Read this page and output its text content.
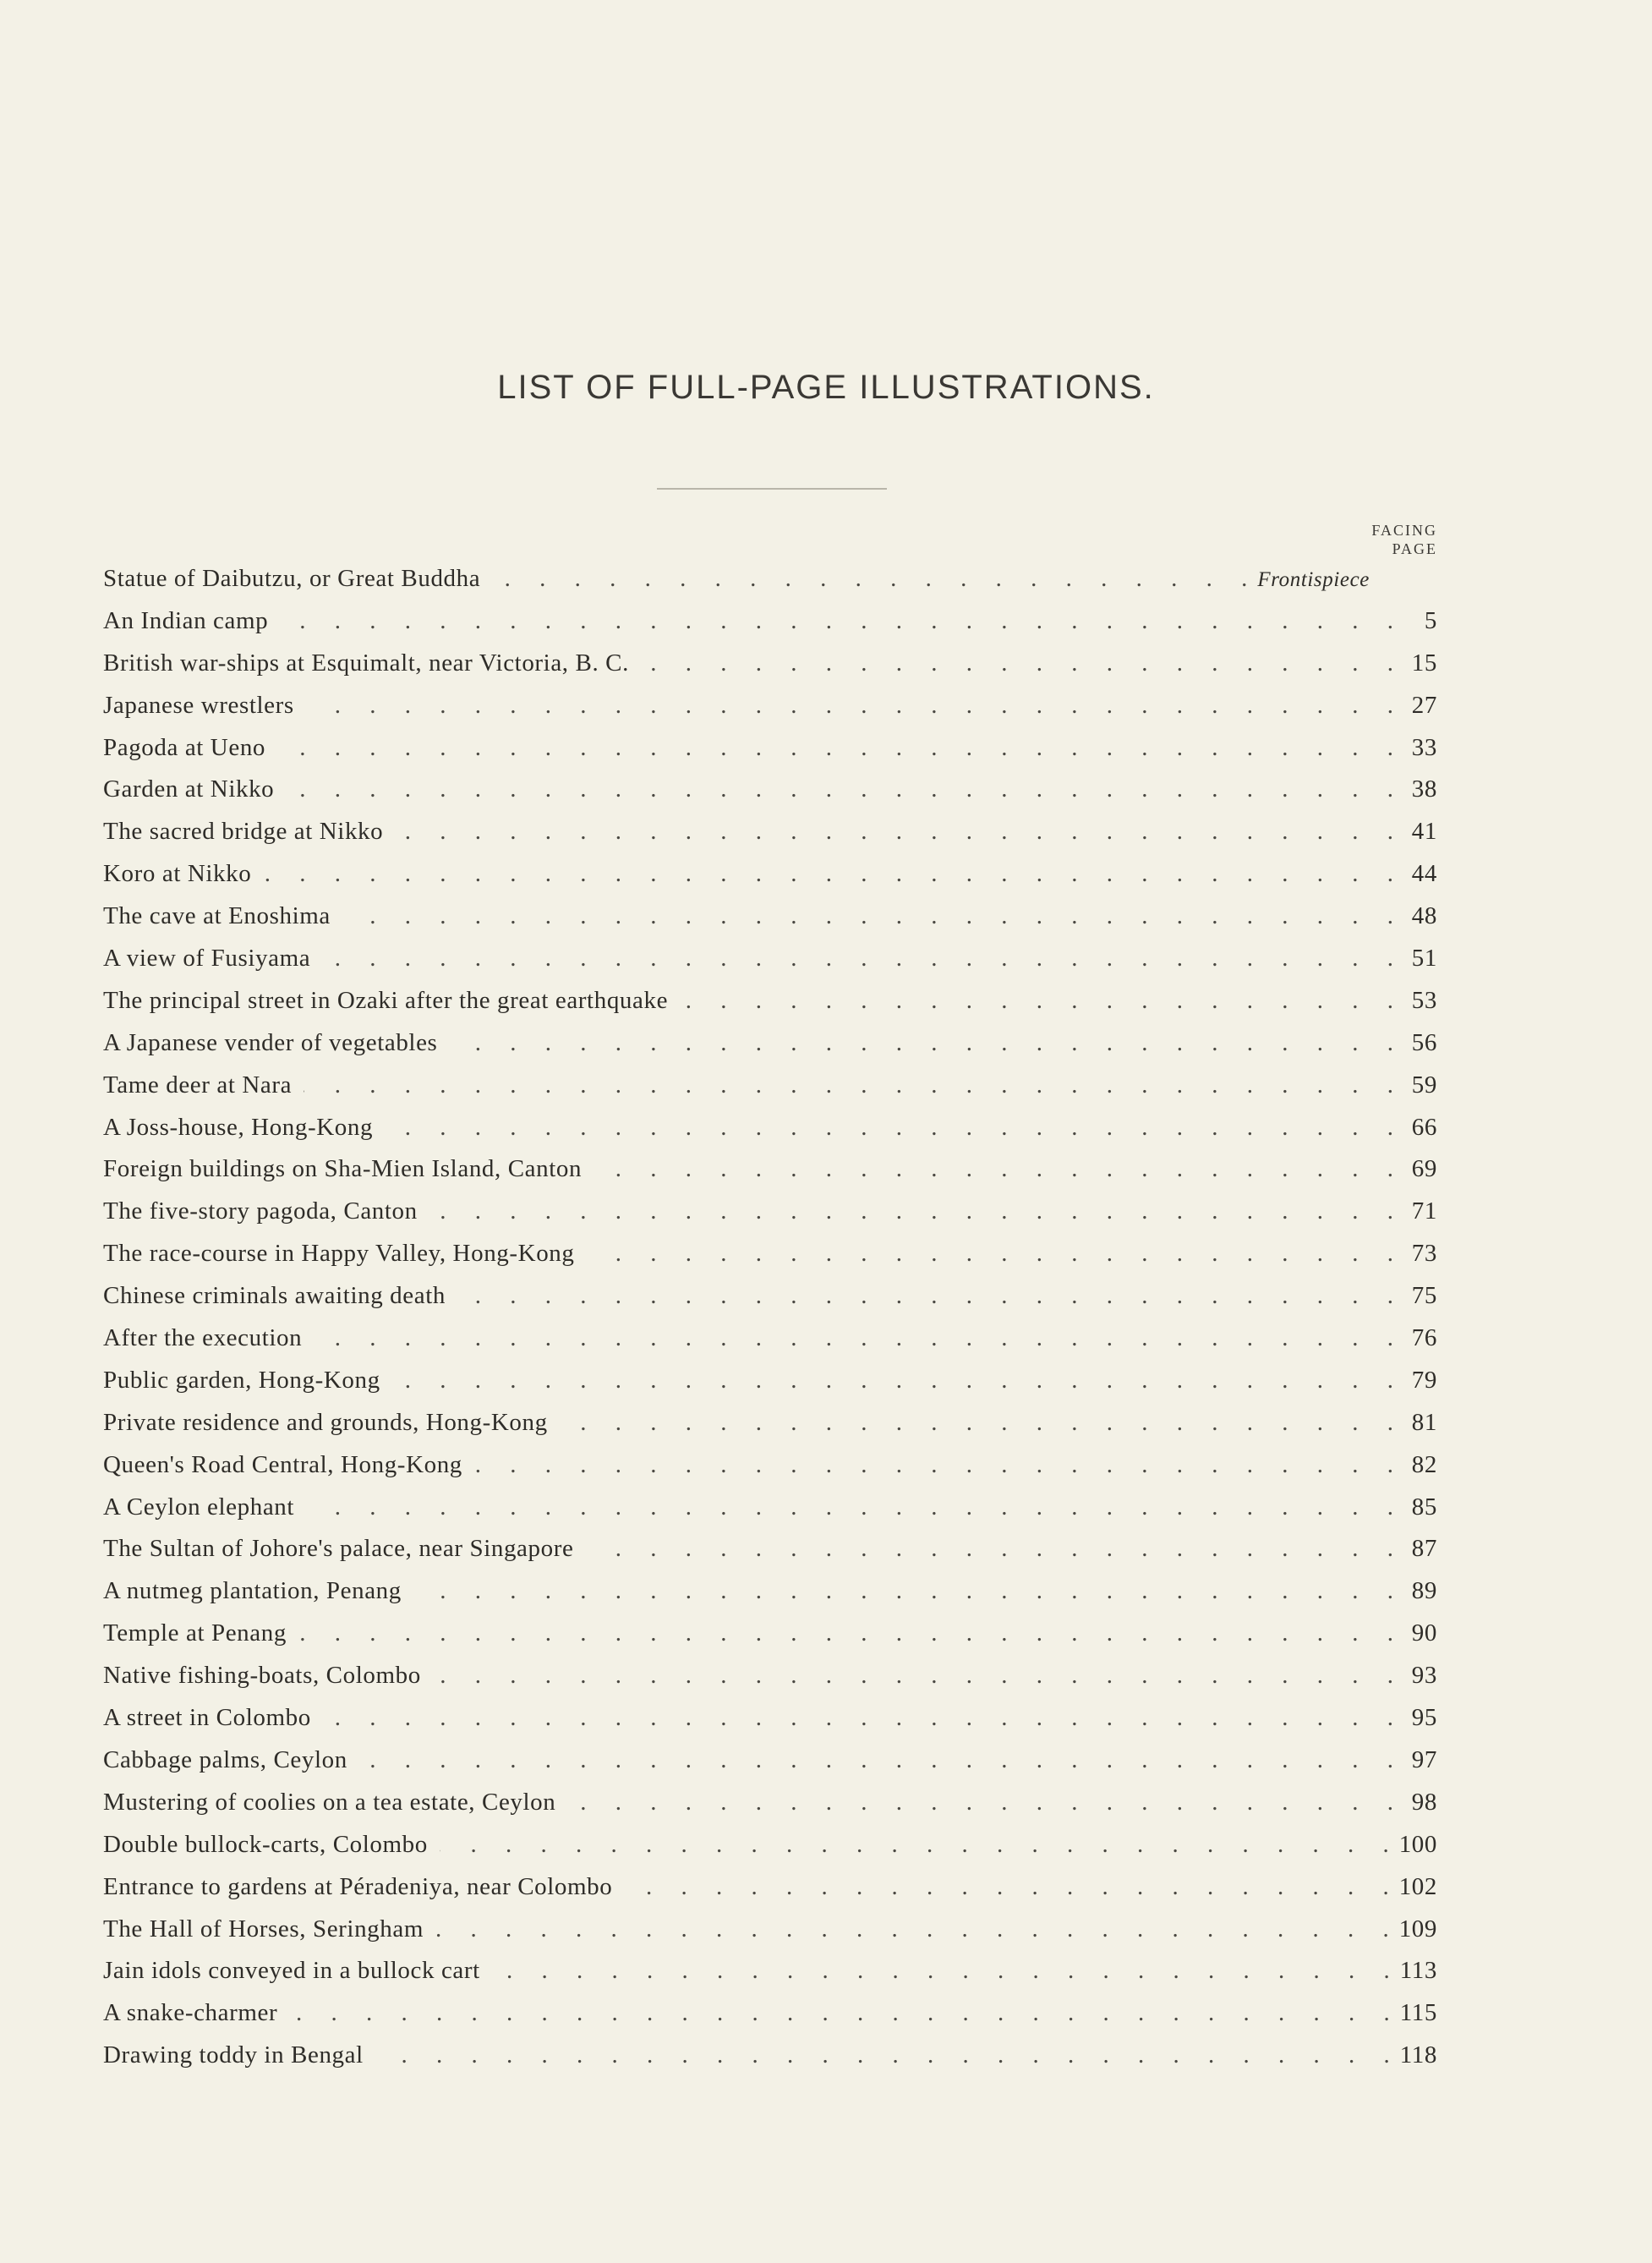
LIST OF FULL-PAGE ILLUSTRATIONS.
FACING
PAGE
Statue of Daibutzu, or Great Buddha . . .	Frontispiece
An Indian camp . . .	5
British war-ships at Esquimalt, near Victoria, B. C. . . .	15
Japanese wrestlers . . .	27
Pagoda at Ueno . . .	33
Garden at Nikko . . .	38
The sacred bridge at Nikko . . .	41
Koro at Nikko . . .	44
The cave at Enoshima . . .	48
A view of Fusiyama . . .	51
The principal street in Ozaki after the great earthquake . . .	53
A Japanese vender of vegetables . . .	56
Tame deer at Nara . . .	59
A Joss-house, Hong-Kong . . .	66
Foreign buildings on Sha-Mien Island, Canton . . .	69
The five-story pagoda, Canton . . .	71
The race-course in Happy Valley, Hong-Kong . . .	73
Chinese criminals awaiting death . . .	75
After the execution . . .	76
Public garden, Hong-Kong . . .	79
Private residence and grounds, Hong-Kong . . .	81
Queen's Road Central, Hong-Kong . . .	82
A Ceylon elephant . . .	85
The Sultan of Johore's palace, near Singapore . . .	87
A nutmeg plantation, Penang . . .	89
Temple at Penang . . .	90
Native fishing-boats, Colombo . . .	93
A street in Colombo . . .	95
Cabbage palms, Ceylon . . .	97
Mustering of coolies on a tea estate, Ceylon . . .	98
Double bullock-carts, Colombo . . .	100
Entrance to gardens at Péradeniya, near Colombo . . .	102
The Hall of Horses, Seringham . . .	109
Jain idols conveyed in a bullock cart . . .	113
A snake-charmer . . .	115
Drawing toddy in Bengal . . .	118
